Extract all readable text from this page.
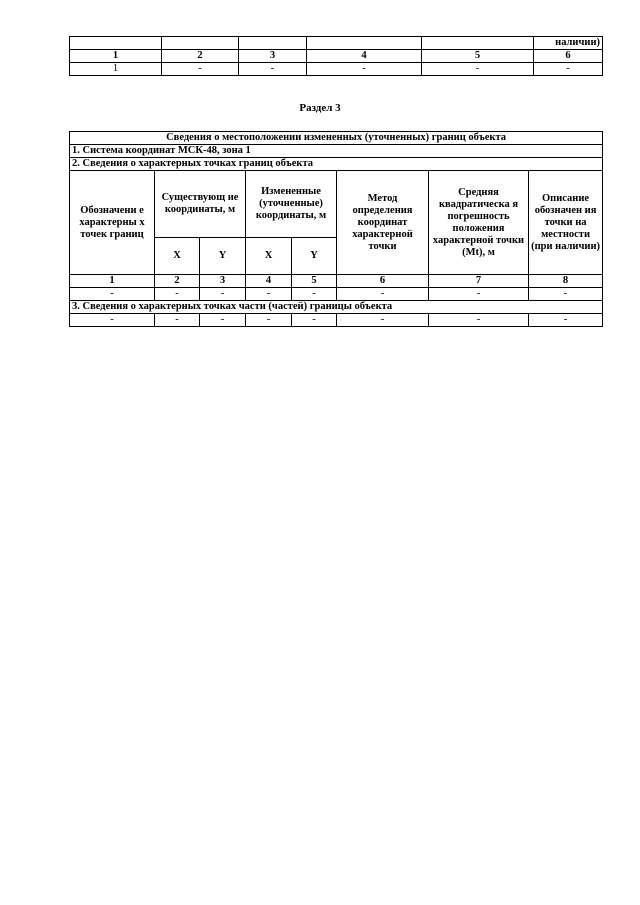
					наличии)
1	2	3	4	5	6
1	-	-	-	-	-
Раздел 3
Сведения о местоположении измененных (уточненных) границ объекта							
1. Система координат МСК-48, зона 1							
2. Сведения о характерных точках границ объекта							
Обозначени е характерны х точек границ	Существующ ие координаты, м		Измененные (уточненные) координаты, м		Метод определения координат характерной точки	Средняя квадратическа я погрешность положения характерной точки (Mt), м	Описание обозначен ия точки на местности (при наличии)
	X	Y	X	Y			
1	2	3	4	5	6	7	8
-	-	-	-	-	-	-	-
3. Сведения о характерных точках части (частей) границы объекта							
-	-	-	-	-	-	-	-
